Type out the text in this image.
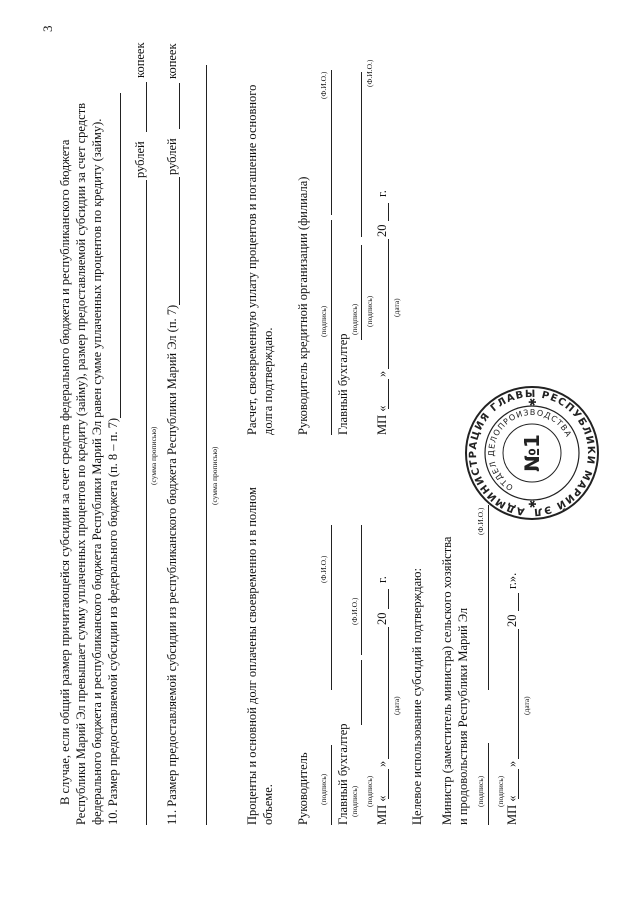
3
В случае, если общий размер причитающейся субсидии за счет средств федерального бюджета и республиканского бюджета Республики Марий Эл превышает сумму уплаченных процентов по кредиту (займу), размер предоставляемой субсидии за счет средств федерального бюджета и республиканского бюджета Республики Марий Эл равен сумме уплаченных процентов по кредиту (займу). 10. Размер предоставляемой субсидии из федерального бюджета (п. 8 – п. 7)
рублей
копеек
(сумма прописью) 11. Размер предоставляемой субсидии из республиканского бюджета Республики Марий Эл (п. 7)
рублей
копеек
(сумма прописью)
Проценты и основной долг оплачены своевременно и в полном объеме. Руководитель (подпись)
(Ф.И.О.)
Главный бухгалтер (подпись)
(Ф.И.О.)
МП «
»
20
г.
(подпись)
(дата)
Расчет, своевременную уплату процентов и погашение основного долга подтверждаю. Руководитель кредитной организации (филиала) (подпись)
(Ф.И.О.)
Главный бухгалтер
(подпись)
(Ф.И.О.)
МП «
»
20
г.
(подпись) (дата)
Целевое использование субсидий подтверждаю: Министр (заместитель министра) сельского хозяйства и продовольствия Республики Марий Эл (подпись)
(Ф.И.О.)
МП «
»
20
г.».
(подпись)
(дата)
АДМИНИСТРАЦИЯ ГЛАВЫ РЕСПУБЛИКИ МАРИЙ ЭЛ
ОТДЕЛ ДЕЛОПРОИЗВОДСТВА
№1
✱
✱
